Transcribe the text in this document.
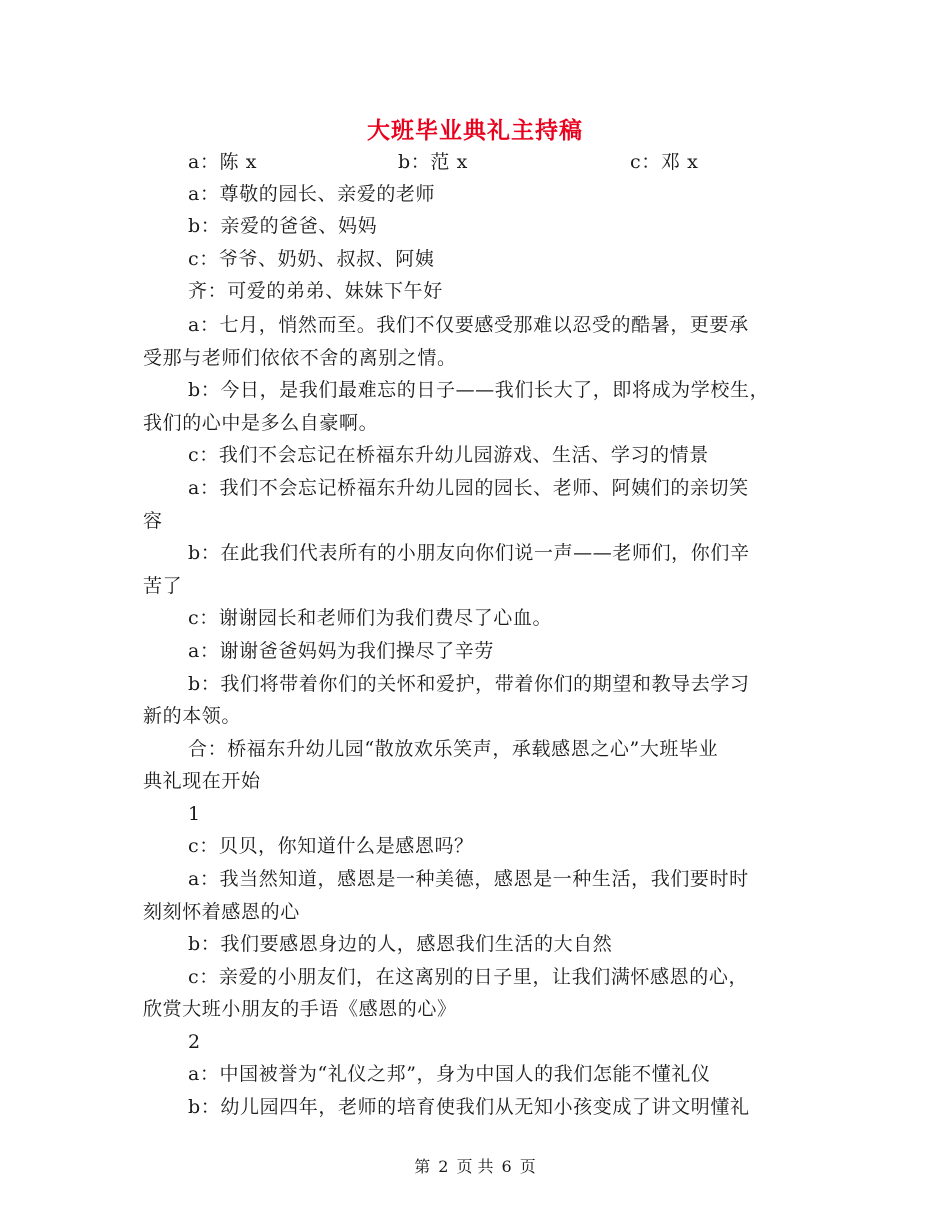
大班毕业典礼主持稿
a：陈 x	b：范 x	c：邓 x
a：尊敬的园长、亲爱的老师
b：亲爱的爸爸、妈妈
c：爷爷、奶奶、叔叔、阿姨
齐：可爱的弟弟、妹妹下午好
a：七月，悄然而至。我们不仅要感受那难以忍受的酷暑，更要承
受那与老师们依依不舍的离别之情。
b：今日，是我们最难忘的日子——我们长大了，即将成为学校生，
我们的心中是多么自豪啊。
c：我们不会忘记在桥福东升幼儿园游戏、生活、学习的情景
a：我们不会忘记桥福东升幼儿园的园长、老师、阿姨们的亲切笑
容
b：在此我们代表所有的小朋友向你们说一声——老师们，你们辛
苦了
c：谢谢园长和老师们为我们费尽了心血。
a：谢谢爸爸妈妈为我们操尽了辛劳
b：我们将带着你们的关怀和爱护，带着你们的期望和教导去学习
新的本领。
合：桥福东升幼儿园“散放欢乐笑声，承载感恩之心”大班毕业
典礼现在开始
1
c：贝贝，你知道什么是感恩吗？
a：我当然知道，感恩是一种美德，感恩是一种生活，我们要时时
刻刻怀着感恩的心
b：我们要感恩身边的人，感恩我们生活的大自然
c：亲爱的小朋友们，在这离别的日子里，让我们满怀感恩的心，
欣赏大班小朋友的手语《感恩的心》
2
a：中国被誉为“礼仪之邦”，身为中国人的我们怎能不懂礼仪
b：幼儿园四年，老师的培育使我们从无知小孩变成了讲文明懂礼
第 2 页 共 6 页
